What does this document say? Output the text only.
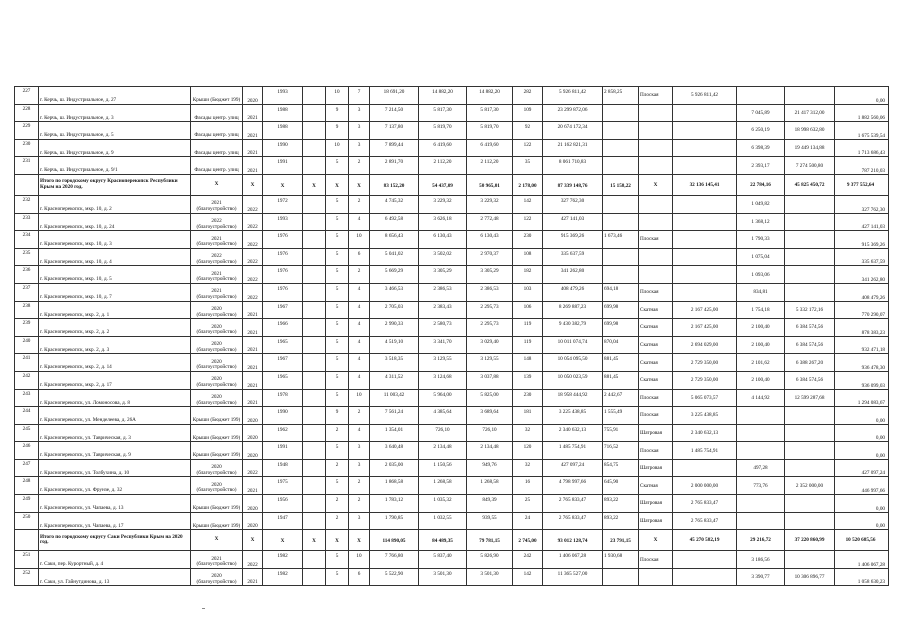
227	г. Керчь, ш. Индустриальное, д. 27	Крыши (Бюджет 199)	2020	1993		10	7	18 691,20	14 882,20	14 882,20	282	5 926 811,42	2 858,25	Плоская	5 926 811,42			0,00
228	г. Керчь, ш. Индустриальное, д. 3	Фасады центр. улиц	2021	1988		9	3	7 214,50	5 817,30	5 817,30	109	23 299 872,06				7 045,89	21 417 312,00	1 882 560,06
229	г. Керчь, ш. Индустриальное, д. 5	Фасады центр. улиц	2021	1988		9	3	7 137,80	5 819,70	5 819,70	92	20 674 172,34				6 250,19	18 998 632,80	1 675 539,54
230	г. Керчь, ш. Индустриальное, д. 9	Фасады центр. улиц	2021	1990		10	3	7 899,44	6 419,60	6 419,60	122	21 162 821,31				6 398,39	19 449 134,88	1 713 686,43
231	г. Керчь, ш. Индустриальное, д. 9/1	Фасады центр. улиц	2021	1991		5	2	2 891,70	2 112,20	2 112,20	35	8 061 710,83				2 393,17	7 274 500,80	787 210,03
	Итого по городскому округу Красноперекопск Республики Крым на 2020 год.	X	X	X	X	X	X	83 152,20	54 437,09	50 965,01	2 178,00	87 339 148,76	15 158,22	X	32 136 145,41	22 784,16	45 825 450,72	9 377 552,64
232	г. Красноперекопск, мкр. 10, д. 2	2021 (благоустройство)	2022	1972		5	2	4 745,32	3 229,32	3 229,32	142	327 762,30				1 049,82		327 762,30
233	г. Красноперекопск, мкр. 10, д. 24	2022 (благоустройство)	2022	1993		5	4	6 492,58	3 626,18	2 772,48	122	427 141,03				1 368,12		427 141,03
234	г. Красноперекопск, мкр. 10, д. 3	2021 (благоустройство)	2022	1976		5	10	8 656,43	6 130,43	6 130,43	230	915 369,26	1 673,46	Плоская		1 790,33		915 369,26
235	г. Красноперекопск, мкр. 10, д. 4	2022 (благоустройство)	2022	1976		5	6	5 041,02	3 502,02	2 970,37	108	335 637,59				1 075,04		335 637,59
236	г. Красноперекопск, мкр. 10, д. 5	2021 (благоустройство)	2022	1976		5	2	5 669,29	3 305,29	3 305,29	182	341 262,80				1 093,06		341 262,80
237	г. Красноперекопск, мкр. 10, д. 7	2021 (благоустройство)	2022	1976		5	4	3 466,53	2 386,53	2 386,53	103	408 479,26	694,18	Плоская		834,81		408 479,26
238	г. Красноперекопск, мкр. 2, д. 1	2020 (благоустройство)	2021	1967		5	4	2 705,03	2 383,43	2 295,73	106	8 269 887,23	699,98	Скатная	2 167 425,00	1 754,18	5 332 172,16	770 290,07
239	г. Красноперекопск, мкр. 2, д. 2	2020 (благоустройство)	2021	1966		5	4	2 990,33	2 580,73	2 295,73	119	9 430 382,79	699,98	Скатная	2 167 425,00	2 100,40	6 384 574,56	878 383,23
240	г. Красноперекопск, мкр. 2, д. 3	2020 (благоустройство)	2021	1965		5	4	4 519,10	3 341,70	3 029,40	119	10 011 074,74	870,04	Скатная	2 694 029,00	2 100,40	6 384 574,56	932 471,18
241	г. Красноперекопск, мкр. 2, д. 14	2020 (благоустройство)	2021	1967		5	4	3 518,35	3 129,55	3 129,55	148	10 054 095,50	881,45	Скатная	2 729 350,00	2 101,62	6 388 267,20	936 478,30
242	г. Красноперекопск, мкр. 2, д. 17	2020 (благоустройство)	2021	1965		5	4	4 311,52	3 124,68	3 037,88	139	10 050 023,59	881,45	Скатная	2 729 350,00	2 100,40	6 384 574,56	936 099,03
243	г. Красноперекопск, ул. Ломоносова, д. 8	2020 (благоустройство)	2021	1978		5	10	11 003,42	5 964,00	5 825,00	230	18 958 444,92	2 442,67	Плоская	5 065 073,57	4 144,92	12 599 287,68	1 294 083,67
244	г. Красноперекопск, ул. Менделеева, д. 26А	Крыши (Бюджет 199)	2020	1990		9	2	7 561,24	4 385,64	3 689,64	181	3 225 438,85	1 555,49	Плоская	3 225 438,85			0,00
245	г. Красноперекопск, ул. Таврическая, д. 3	Крыши (Бюджет 199)	2020	1962		2	4	1 354,01	726,10	726,10	32	2 340 632,13	755,91	Шатровая	2 340 632,13			0,00
246	г. Красноперекопск, ул. Таврическая, д. 9	Крыши (Бюджет 199)	2020	1991		5	3	3 640,48	2 134,48	2 134,48	120	1 485 754,91	716,52	Плоская	1 485 754,91			0,00
247	г. Красноперекопск, ул. Толбухина, д. 10	2020 (благоустройство)	2022	1948		2	3	2 035,00	1 150,56	949,76	32	427 097,24	854,75	Шатровая		497,28		427 097,24
248	г. Красноперекопск, ул. Фрунзе, д. 32	2020 (благоустройство)	2021	1975		5	2	1 868,58	1 268,58	1 268,58	16	4 798 997,66	645,90	Скатная	2 000 000,00	773,76	2 352 000,00	446 997,66
249	г. Красноперекопск, ул. Чапаева, д. 13	Крыши (Бюджет 199)	2020	1956		2	2	1 783,12	1 035,32	849,39	25	2 765 833,47	893,22	Шатровая	2 765 833,47			0,00
250	г. Красноперекопск, ул. Чапаева, д. 17	Крыши (Бюджет 199)	2020	1947		2	3	1 790,85	1 032,55	939,55	24	2 765 833,47	893,22	Шатровая	2 765 833,47			0,00
	Итого по городскому округу Саки Республики Крым на 2020 год.	X	X	X	X	X	X	114 890,05	84 489,35	79 781,15	2 745,00	93 012 128,74	23 791,15	X	45 270 582,19	29 216,72	37 220 860,99	10 520 685,56
251	г. Саки, пер. Курортный, д. 4	2021 (благоустройство)	2022	1982		5	10	7 766,80	5 837,40	5 826,90	242	1 406 067,28	1 930,68	Плоская		3 186,56		1 406 067,28
252	г. Саки, ул. Гайнутдинова, д. 13	2020 (благоустройство)	2021	1982		5	6	5 522,90	3 501,30	3 501,30	142	11 365 527,00				3 390,77	10 306 896,77	1 058 630,23
